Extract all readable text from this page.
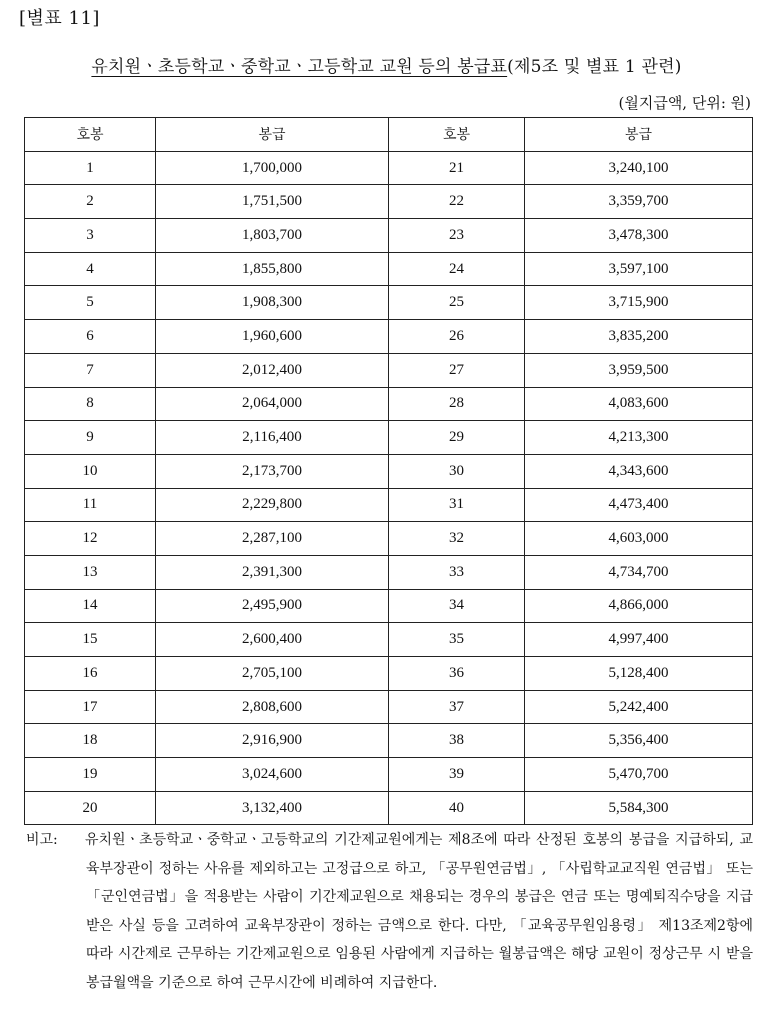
[별표 11]
유치원ㆍ초등학교ㆍ중학교ㆍ고등학교 교원 등의 봉급표(제5조 및 별표 1 관련)
(월지급액, 단위: 원)
호봉	봉급	호봉	봉급
1	1,700,000	21	3,240,100
2	1,751,500	22	3,359,700
3	1,803,700	23	3,478,300
4	1,855,800	24	3,597,100
5	1,908,300	25	3,715,900
6	1,960,600	26	3,835,200
7	2,012,400	27	3,959,500
8	2,064,000	28	4,083,600
9	2,116,400	29	4,213,300
10	2,173,700	30	4,343,600
11	2,229,800	31	4,473,400
12	2,287,100	32	4,603,000
13	2,391,300	33	4,734,700
14	2,495,900	34	4,866,000
15	2,600,400	35	4,997,400
16	2,705,100	36	5,128,400
17	2,808,600	37	5,242,400
18	2,916,900	38	5,356,400
19	3,024,600	39	5,470,700
20	3,132,400	40	5,584,300
비고: 유치원ㆍ초등학교ㆍ중학교ㆍ고등학교의 기간제교원에게는 제8조에 따라 산정된 호봉의 봉급을 지급하되, 교육부장관이 정하는 사유를 제외하고는 고정급으로 하고, 「공무원연금법」, 「사립학교교직원 연금법」 또는 「군인연금법」을 적용받는 사람이 기간제교원으로 채용되는 경우의 봉급은 연금 또는 명예퇴직수당을 지급받은 사실 등을 고려하여 교육부장관이 정하는 금액으로 한다. 다만, 「교육공무원임용령」 제13조제2항에 따라 시간제로 근무하는 기간제교원으로 임용된 사람에게 지급하는 월봉급액은 해당 교원이 정상근무 시 받을 봉급월액을 기준으로 하여 근무시간에 비례하여 지급한다.
